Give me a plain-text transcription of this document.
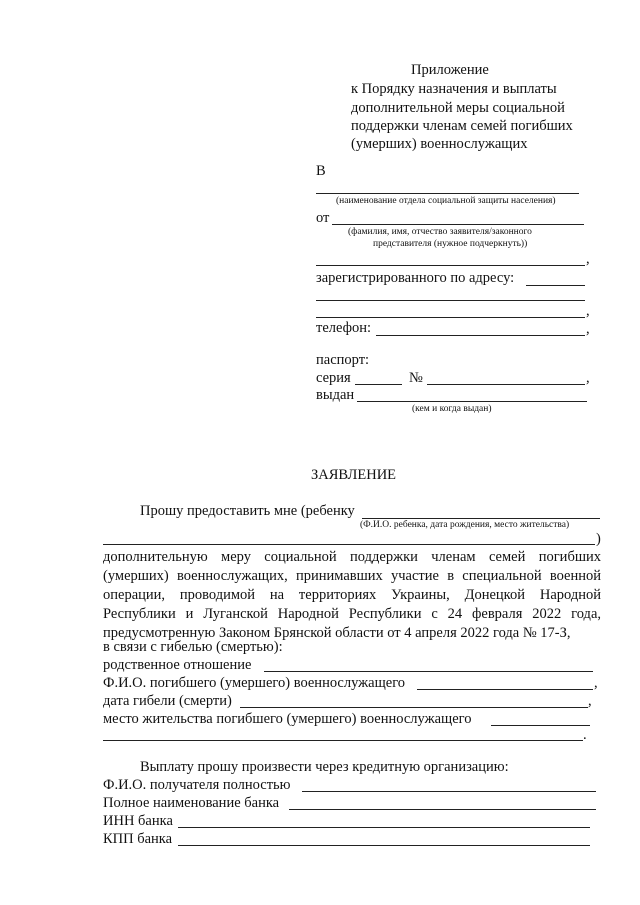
Приложение
к Порядку назначения и выплаты
дополнительной меры социальной
поддержки членам семей погибших
(умерших) военнослужащих
В
(наименование отдела социальной защиты населения)
от
(фамилия, имя, отчество заявителя/законного
представителя (нужное подчеркнуть))
,
зарегистрированного по адресу:
,
телефон:	,
паспорт:
серия	№	,
выдан
(кем и когда выдан)
ЗАЯВЛЕНИЕ
Прошу предоставить мне (ребенку
(Ф.И.О. ребенка, дата рождения, место жительства)
)
дополнительную меру социальной поддержки членам семей погибших (умерших) военнослужащих, принимавших участие в специальной военной операции, проводимой на территориях Украины, Донецкой Народной Республики и Луганской Народной Республики с 24 февраля 2022 года, предусмотренную Законом Брянской области от 4 апреля 2022 года № 17-З,
в связи с гибелью (смертью):
родственное отношение
Ф.И.О. погибшего (умершего) военнослужащего	,
дата гибели (смерти)	,
место жительства погибшего (умершего) военнослужащего
.
Выплату прошу произвести через кредитную организацию:
Ф.И.О. получателя полностью
Полное наименование банка
ИНН банка
КПП банка
